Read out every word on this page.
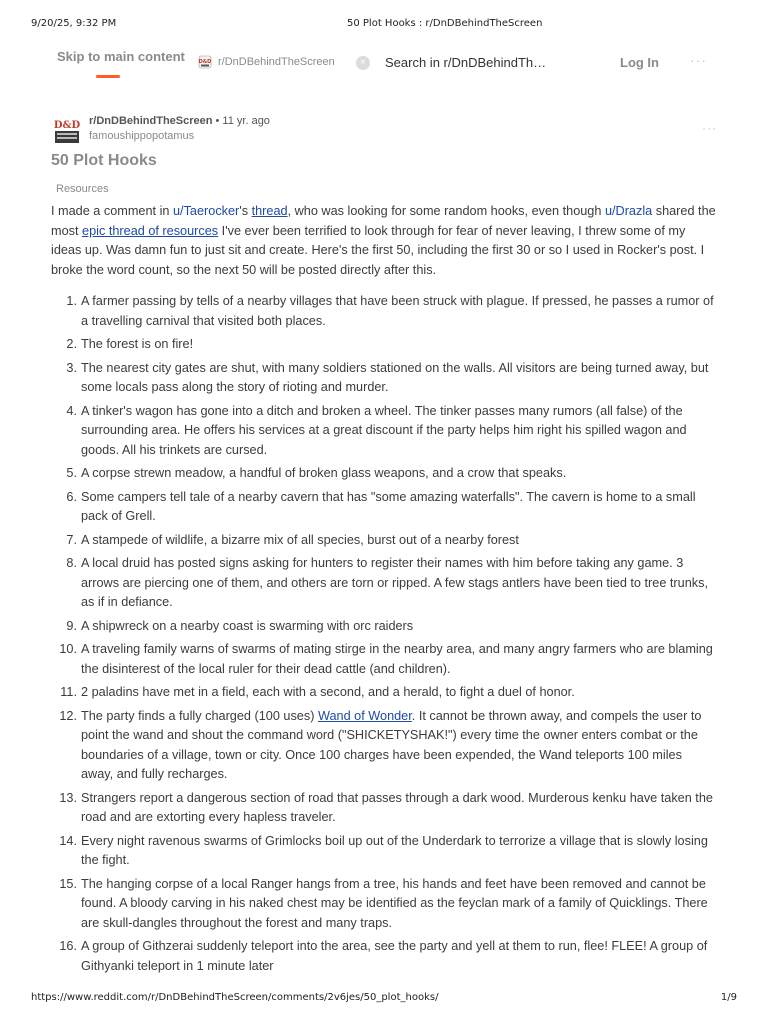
9/20/25, 9:32 PM	50 Plot Hooks : r/DnDBehindTheScreen
Skip to main content	D&D r/DnDBehindTheScreen	×	Search in r/DnDBehindTh…	Log In ···
D&D r/DnDBehindTheScreen • 11 yr. ago
famoushippopotamus
···
50 Plot Hooks
Resources

I made a comment in u/Taerocker's thread, who was looking for some random hooks, even though u/Drazla shared the most epic thread of resources I've ever been terrified to look through for fear of never leaving, I threw some of my ideas up. Was damn fun to just sit and create. Here's the first 50, including the first 30 or so I used in Rocker's post. I broke the word count, so the next 50 will be posted directly after this.

1. A farmer passing by tells of a nearby villages that have been struck with plague. If pressed, he passes a rumor of a travelling carnival that visited both places.
2. The forest is on fire!
3. The nearest city gates are shut, with many soldiers stationed on the walls. All visitors are being turned away, but some locals pass along the story of rioting and murder.
4. A tinker's wagon has gone into a ditch and broken a wheel. The tinker passes many rumors (all false) of the surrounding area. He offers his services at a great discount if the party helps him right his spilled wagon and goods. All his trinkets are cursed.
5. A corpse strewn meadow, a handful of broken glass weapons, and a crow that speaks.
6. Some campers tell tale of a nearby cavern that has "some amazing waterfalls". The cavern is home to a small pack of Grell.
7. A stampede of wildlife, a bizarre mix of all species, burst out of a nearby forest
8. A local druid has posted signs asking for hunters to register their names with him before taking any game. 3 arrows are piercing one of them, and others are torn or ripped. A few stags antlers have been tied to tree trunks, as if in defiance.
9. A shipwreck on a nearby coast is swarming with orc raiders
10. A traveling family warns of swarms of mating stirge in the nearby area, and many angry farmers who are blaming the disinterest of the local ruler for their dead cattle (and children).
11. 2 paladins have met in a field, each with a second, and a herald, to fight a duel of honor.
12. The party finds a fully charged (100 uses) Wand of Wonder. It cannot be thrown away, and compels the user to point the wand and shout the command word ("SHICKETYSHAK!") every time the owner enters combat or the boundaries of a village, town or city. Once 100 charges have been expended, the Wand teleports 100 miles away, and fully recharges.
13. Strangers report a dangerous section of road that passes through a dark wood. Murderous kenku have taken the road and are extorting every hapless traveler.
14. Every night ravenous swarms of Grimlocks boil up out of the Underdark to terrorize a village that is slowly losing the fight.
15. The hanging corpse of a local Ranger hangs from a tree, his hands and feet have been removed and cannot be found. A bloody carving in his naked chest may be identified as the feyclan mark of a family of Quicklings. There are skull-dangles throughout the forest and many traps.
16. A group of Githzerai suddenly teleport into the area, see the party and yell at them to run, flee! FLEE! A group of Githyanki teleport in 1 minute later
https://www.reddit.com/r/DnDBehindTheScreen/comments/2v6jes/50_plot_hooks/	1/9
